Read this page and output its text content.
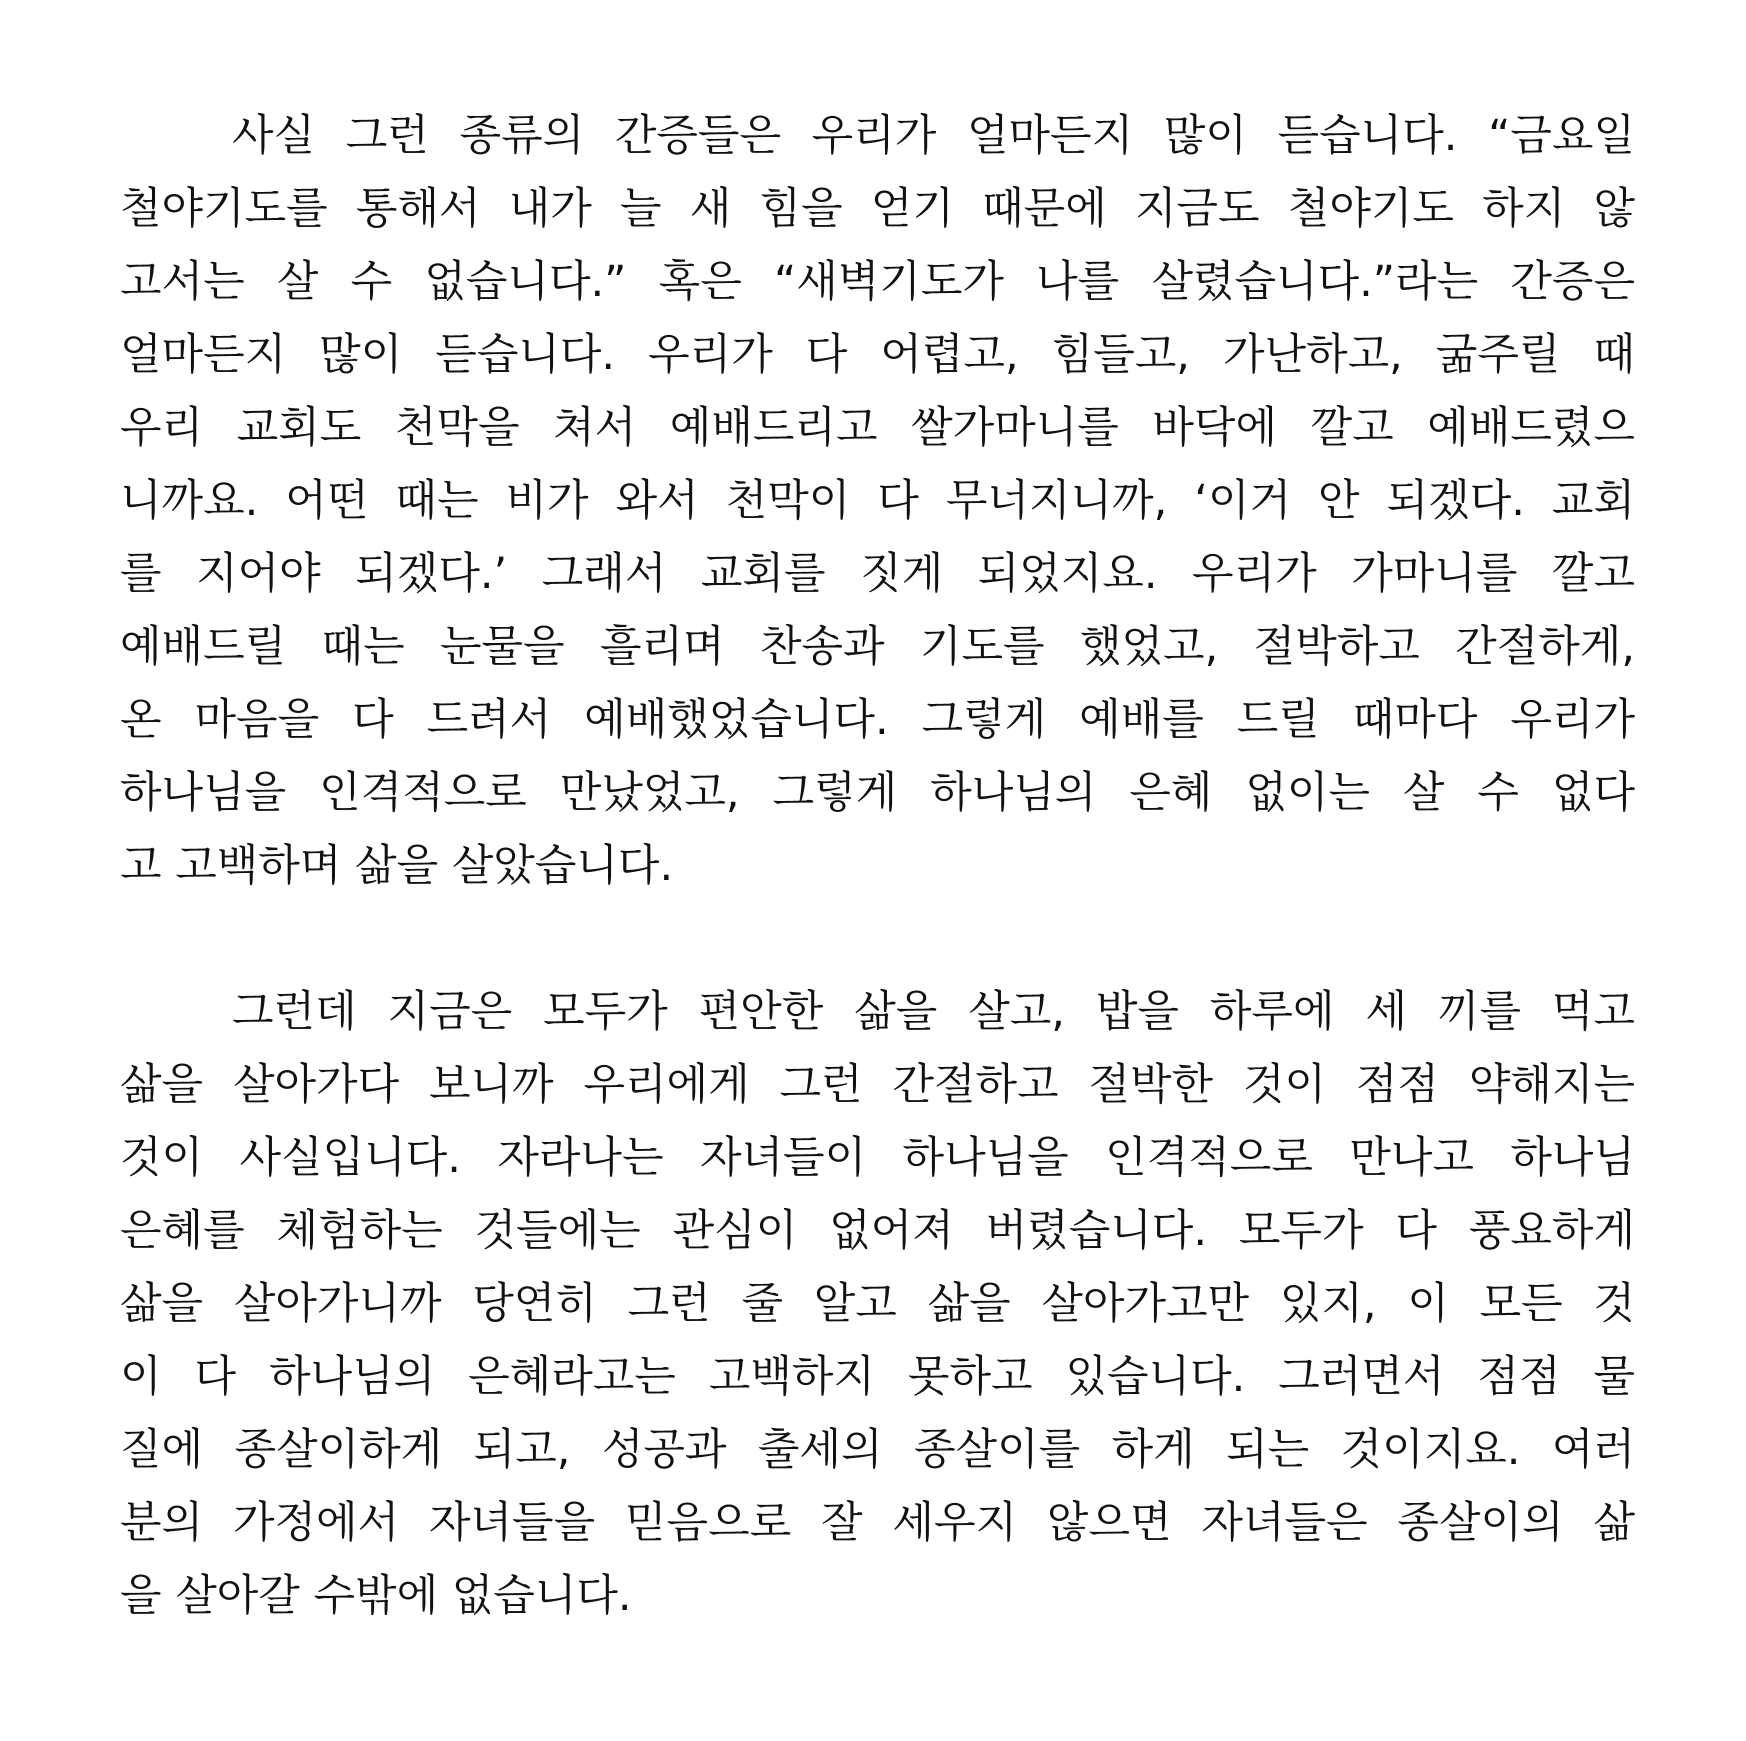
사실 그런 종류의 간증들은 우리가 얼마든지 많이 듣습니다. “금요일
철야기도를 통해서 내가 늘 새 힘을 얻기 때문에 지금도 철야기도 하지 않
고서는 살 수 없습니다.” 혹은 “새벽기도가 나를 살렸습니다.”라는 간증은
얼마든지 많이 듣습니다. 우리가 다 어렵고, 힘들고, 가난하고, 굶주릴 때
우리 교회도 천막을 쳐서 예배드리고 쌀가마니를 바닥에 깔고 예배드렸으
니까요. 어떤 때는 비가 와서 천막이 다 무너지니까, ‘이거 안 되겠다. 교회
를 지어야 되겠다.’ 그래서 교회를 짓게 되었지요. 우리가 가마니를 깔고
예배드릴 때는 눈물을 흘리며 찬송과 기도를 했었고, 절박하고 간절하게,
온 마음을 다 드려서 예배했었습니다. 그렇게 예배를 드릴 때마다 우리가
하나님을 인격적으로 만났었고, 그렇게 하나님의 은혜 없이는 살 수 없다
고 고백하며 삶을 살았습니다.
그런데 지금은 모두가 편안한 삶을 살고, 밥을 하루에 세 끼를 먹고
삶을 살아가다 보니까 우리에게 그런 간절하고 절박한 것이 점점 약해지는
것이 사실입니다. 자라나는 자녀들이 하나님을 인격적으로 만나고 하나님
은혜를 체험하는 것들에는 관심이 없어져 버렸습니다. 모두가 다 풍요하게
삶을 살아가니까 당연히 그런 줄 알고 삶을 살아가고만 있지, 이 모든 것
이 다 하나님의 은혜라고는 고백하지 못하고 있습니다. 그러면서 점점 물
질에 종살이하게 되고, 성공과 출세의 종살이를 하게 되는 것이지요. 여러
분의 가정에서 자녀들을 믿음으로 잘 세우지 않으면 자녀들은 종살이의 삶
을 살아갈 수밖에 없습니다.
